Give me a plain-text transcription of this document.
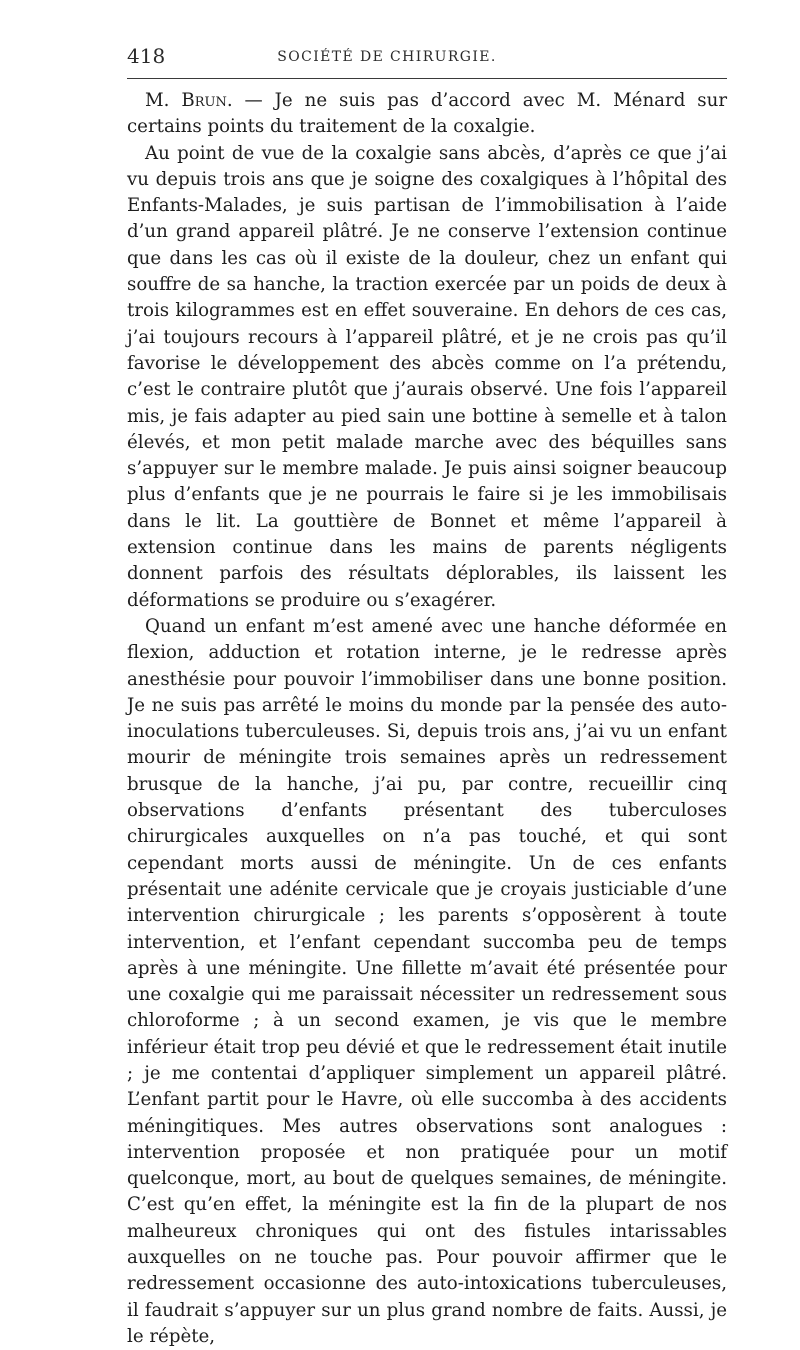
418	SOCIÉTÉ DE CHIRURGIE.

M. Brun. — Je ne suis pas d’accord avec M. Ménard sur certains points du traitement de la coxalgie.

Au point de vue de la coxalgie sans abcès, d’après ce que j’ai vu depuis trois ans que je soigne des coxalgiques à l’hôpital des Enfants-Malades, je suis partisan de l’immobilisation à l’aide d’un grand appareil plâtré. Je ne conserve l’extension continue que dans les cas où il existe de la douleur, chez un enfant qui souffre de sa hanche, la traction exercée par un poids de deux à trois kilogrammes est en effet souveraine. En dehors de ces cas, j’ai toujours recours à l’appareil plâtré, et je ne crois pas qu’il favorise le développement des abcès comme on l’a prétendu, c’est le contraire plutôt que j’aurais observé. Une fois l’appareil mis, je fais adapter au pied sain une bottine à semelle et à talon élevés, et mon petit malade marche avec des béquilles sans s’appuyer sur le membre malade. Je puis ainsi soigner beaucoup plus d’enfants que je ne pourrais le faire si je les immobilisais dans le lit. La gouttière de Bonnet et même l’appareil à extension continue dans les mains de parents négligents donnent parfois des résultats déplorables, ils laissent les déformations se produire ou s’exagérer.

Quand un enfant m’est amené avec une hanche déformée en flexion, adduction et rotation interne, je le redresse après anesthésie pour pouvoir l’immobiliser dans une bonne position. Je ne suis pas arrêté le moins du monde par la pensée des auto-inoculations tuberculeuses. Si, depuis trois ans, j’ai vu un enfant mourir de méningite trois semaines après un redressement brusque de la hanche, j’ai pu, par contre, recueillir cinq observations d’enfants présentant des tuberculoses chirurgicales auxquelles on n’a pas touché, et qui sont cependant morts aussi de méningite. Un de ces enfants présentait une adénite cervicale que je croyais justiciable d’une intervention chirurgicale ; les parents s’opposèrent à toute intervention, et l’enfant cependant succomba peu de temps après à une méningite. Une fillette m’avait été présentée pour une coxalgie qui me paraissait nécessiter un redressement sous chloroforme ; à un second examen, je vis que le membre inférieur était trop peu dévié et que le redressement était inutile ; je me contentai d’appliquer simplement un appareil plâtré. L’enfant partit pour le Havre, où elle succomba à des accidents méningitiques. Mes autres observations sont analogues : intervention proposée et non pratiquée pour un motif quelconque, mort, au bout de quelques semaines, de méningite. C’est qu’en effet, la méningite est la fin de la plupart de nos malheureux chroniques qui ont des fistules intarissables auxquelles on ne touche pas. Pour pouvoir affirmer que le redressement occasionne des auto-intoxications tuberculeuses, il faudrait s’appuyer sur un plus grand nombre de faits. Aussi, je le répète,
